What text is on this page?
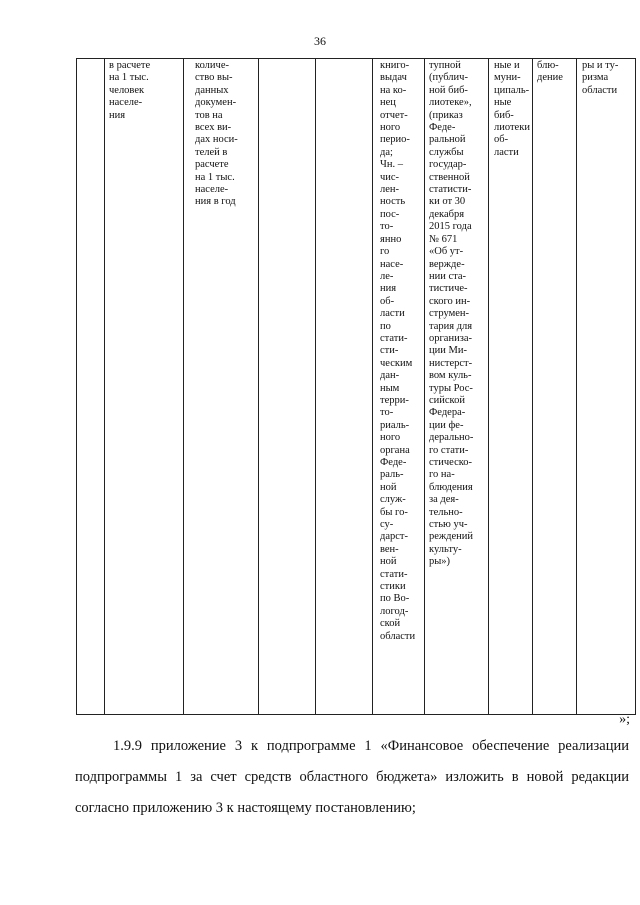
36
в расчете
на 1 тыс.
человек
населе-
ния
количе-
ство вы-
данных
докумен-
тов на
всех ви-
дах носи-
телей в
расчете
на 1 тыс.
населе-
ния в год
книго-
выдач
на ко-
нец
отчет-
ного
перио-
да;
Чн. –
чис-
лен-
ность
пос-
то-
янно
го
насе-
ле-
ния
об-
ласти
по
стати-
сти-
ческим
дан-
ным
терри-
то-
риаль-
ного
органа
Феде-
раль-
ной
служ-
бы го-
су-
дарст-
вен-
ной
стати-
стики
по Во-
логод-
ской
области
тупной
(публич-
ной биб-
лиотеке»,
(приказ
Феде-
ральной
службы
государ-
ственной
статисти-
ки от 30
декабря
2015 года
№ 671
«Об ут-
вержде-
нии ста-
тистиче-
ского ин-
струмен-
тария для
организа-
ции Ми-
нистерст-
вом куль-
туры Рос-
сийской
Федера-
ции фе-
дерально-
го стати-
стическо-
го на-
блюдения
за дея-
тельно-
стью уч-
реждений
культу-
ры»)
ные и
муни-
ципаль-
ные
биб-
лиотеки
об-
ласти
блю-
дение
ры и ту-
ризма
области
»;
1.9.9 приложение 3 к подпрограмме 1 «Финансовое обеспечение реализации
подпрограммы 1 за счет средств областного бюджета» изложить в новой редакции
согласно приложению 3 к настоящему постановлению;
